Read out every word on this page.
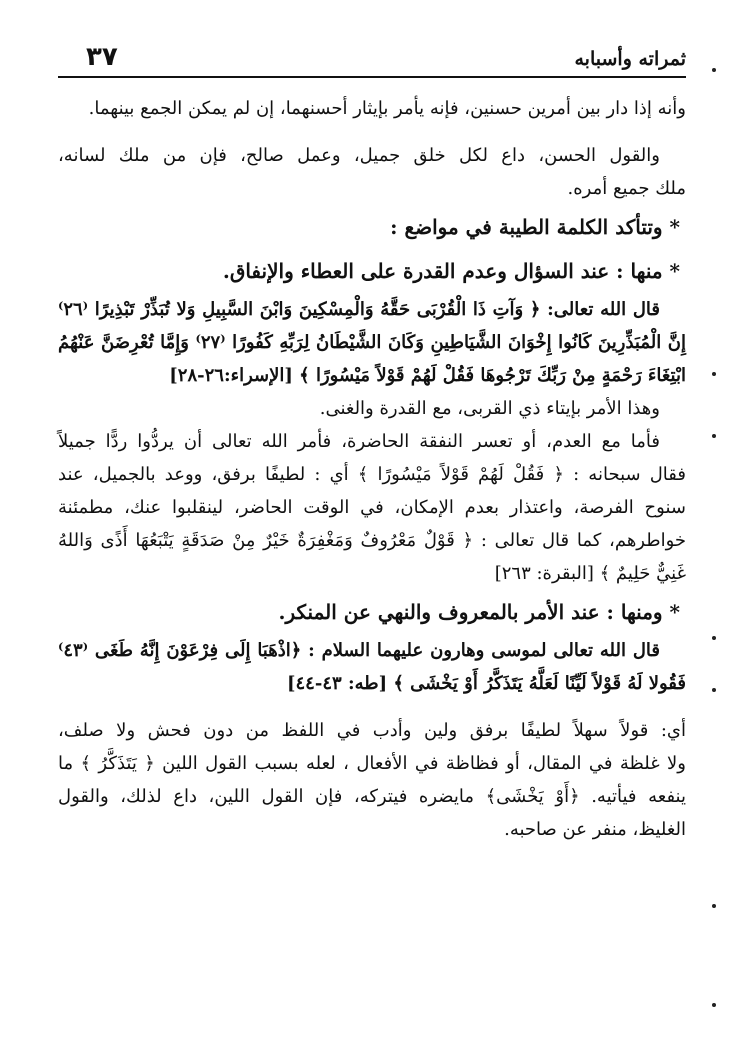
٣٧	ثمراته وأسبابه
وأنه إذا دار بين أمرين حسنين، فإنه يأمر بإيثار أحسنهما، إن لم يمكن الجمع بينهما.
والقول الحسن، داع لكل خلق جميل، وعمل صالح، فإن من ملك لسانه،
ملك جميع أمره.
* وتتأكد الكلمة الطيبة في مواضع :
* منها : عند السؤال وعدم القدرة على العطاء والإنفاق.
قال الله تعالى: ﴿ وَآتِ ذَا الْقُرْبَى حَقَّهُ وَالْمِسْكِينَ وَابْنَ السَّبِيلِ وَلا تُبَذِّرْ تَبْذِيرًا ⁽٢٦⁾
إِنَّ الْمُبَذِّرِينَ كَانُوا إِخْوَانَ الشَّيَاطِينِ وَكَانَ الشَّيْطَانُ لِرَبِّهِ كَفُورًا ⁽٢٧⁾ وَإِمَّا تُعْرِضَنَّ عَنْهُمُ
ابْتِغَاءَ رَحْمَةٍ مِنْ رَبِّكَ تَرْجُوهَا فَقُلْ لَهُمْ قَوْلاً مَيْسُورًا ﴾ [الإسراء:٢٦-٢٨]
وهذا الأمر بإيتاء ذي القربى، مع القدرة والغنى.
فأما مع العدم، أو تعسر النفقة الحاضرة، فأمر الله تعالى أن يردُّوا ردًّا جميلاً
فقال سبحانه : ﴿ فَقُلْ لَهُمْ قَوْلاً مَيْسُورًا ﴾ أي : لطيفًا برفق، ووعد بالجميل، عند
سنوح الفرصة، واعتذار بعدم الإمكان، في الوقت الحاضر، لينقلبوا عنك، مطمئنة
خواطرهم، كما قال تعالى : ﴿ قَوْلٌ مَعْرُوفٌ وَمَغْفِرَةٌ خَيْرٌ مِنْ صَدَقَةٍ يَتْبَعُهَا أَذًى وَاللهُ
غَنِيٌّ حَلِيمٌ ﴾ [البقرة: ٢٦٣]
* ومنها : عند الأمر بالمعروف والنهي عن المنكر.
قال الله تعالى لموسى وهارون عليهما السلام : ﴿اذْهَبَا إِلَى فِرْعَوْنَ إِنَّهُ طَغَى ⁽٤٣⁾
فَقُولا لَهُ قَوْلاً لَيِّنًا لَعَلَّهُ يَتَذَكَّرُ أَوْ يَخْشَى ﴾ [طه: ٤٣-٤٤]
أي: قولاً سهلاً لطيفًا برفق ولين وأدب في اللفظ من دون فحش ولا صلف،
ولا غلظة في المقال، أو فظاظة في الأفعال ، لعله بسبب القول اللين ﴿ يَتَذَكَّرُ ﴾ ما
ينفعه فيأتيه. ﴿أَوْ يَخْشَى﴾ مايضره فيتركه، فإن القول اللين، داع لذلك، والقول
الغليظ، منفر عن صاحبه.
